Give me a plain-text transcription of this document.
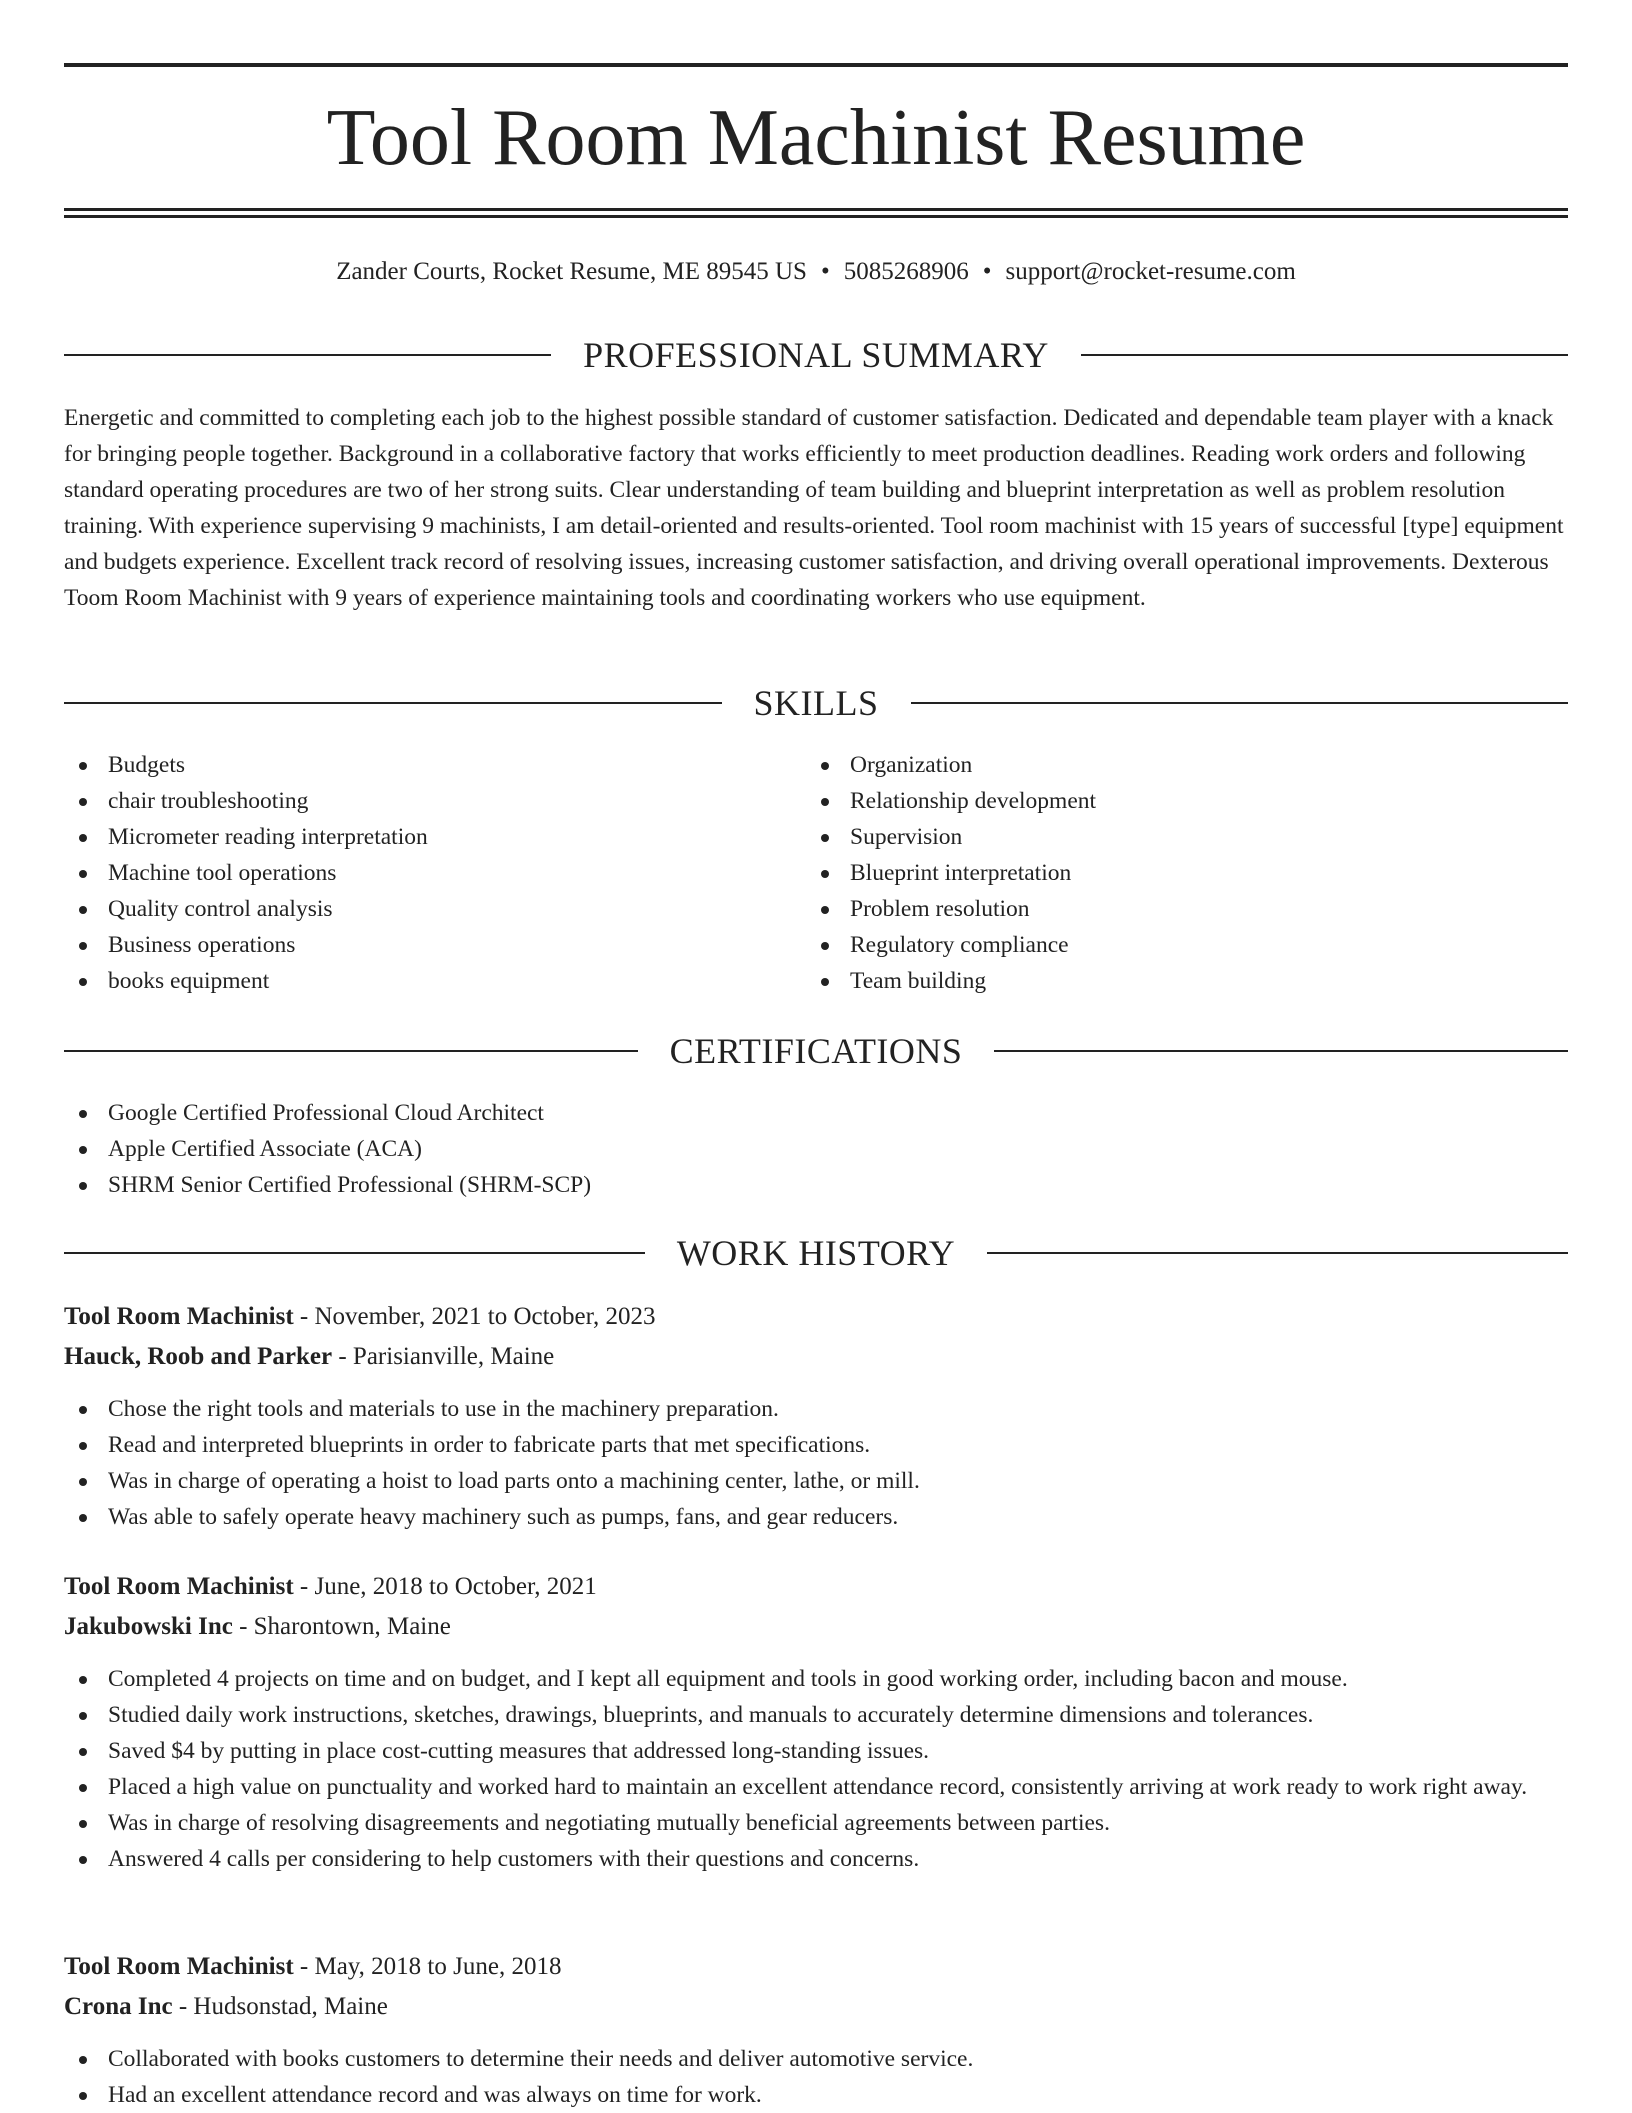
Tool Room Machinist Resume
Zander Courts, Rocket Resume, ME 89545 US • 5085268906 • support@rocket-resume.com
PROFESSIONAL SUMMARY

Energetic and committed to completing each job to the highest possible standard of customer satisfaction. Dedicated and dependable team player with a knack for bringing people together. Background in a collaborative factory that works efficiently to meet production deadlines. Reading work orders and following standard operating procedures are two of her strong suits. Clear understanding of team building and blueprint interpretation as well as problem resolution training. With experience supervising 9 machinists, I am detail-oriented and results-oriented. Tool room machinist with 15 years of successful [type] equipment and budgets experience. Excellent track record of resolving issues, increasing customer satisfaction, and driving overall operational improvements. Dexterous Toom Room Machinist with 9 years of experience maintaining tools and coordinating workers who use equipment.

SKILLS
Budgets
chair troubleshooting
Micrometer reading interpretation
Machine tool operations
Quality control analysis
Business operations
books equipment
Organization
Relationship development
Supervision
Blueprint interpretation
Problem resolution
Regulatory compliance
Team building
CERTIFICATIONS
Google Certified Professional Cloud Architect
Apple Certified Associate (ACA)
SHRM Senior Certified Professional (SHRM-SCP)
WORK HISTORY
Tool Room Machinist - November, 2021 to October, 2023
Hauck, Roob and Parker - Parisianville, Maine
Chose the right tools and materials to use in the machinery preparation.
Read and interpreted blueprints in order to fabricate parts that met specifications.
Was in charge of operating a hoist to load parts onto a machining center, lathe, or mill.
Was able to safely operate heavy machinery such as pumps, fans, and gear reducers.
Tool Room Machinist - June, 2018 to October, 2021
Jakubowski Inc - Sharontown, Maine
Completed 4 projects on time and on budget, and I kept all equipment and tools in good working order, including bacon and mouse.
Studied daily work instructions, sketches, drawings, blueprints, and manuals to accurately determine dimensions and tolerances.
Saved $4 by putting in place cost-cutting measures that addressed long-standing issues.
Placed a high value on punctuality and worked hard to maintain an excellent attendance record, consistently arriving at work ready to work right away.
Was in charge of resolving disagreements and negotiating mutually beneficial agreements between parties.
Answered 4 calls per considering to help customers with their questions and concerns.
Tool Room Machinist - May, 2018 to June, 2018
Crona Inc - Hudsonstad, Maine
Collaborated with books customers to determine their needs and deliver automotive service.
Had an excellent attendance record and was always on time for work.
